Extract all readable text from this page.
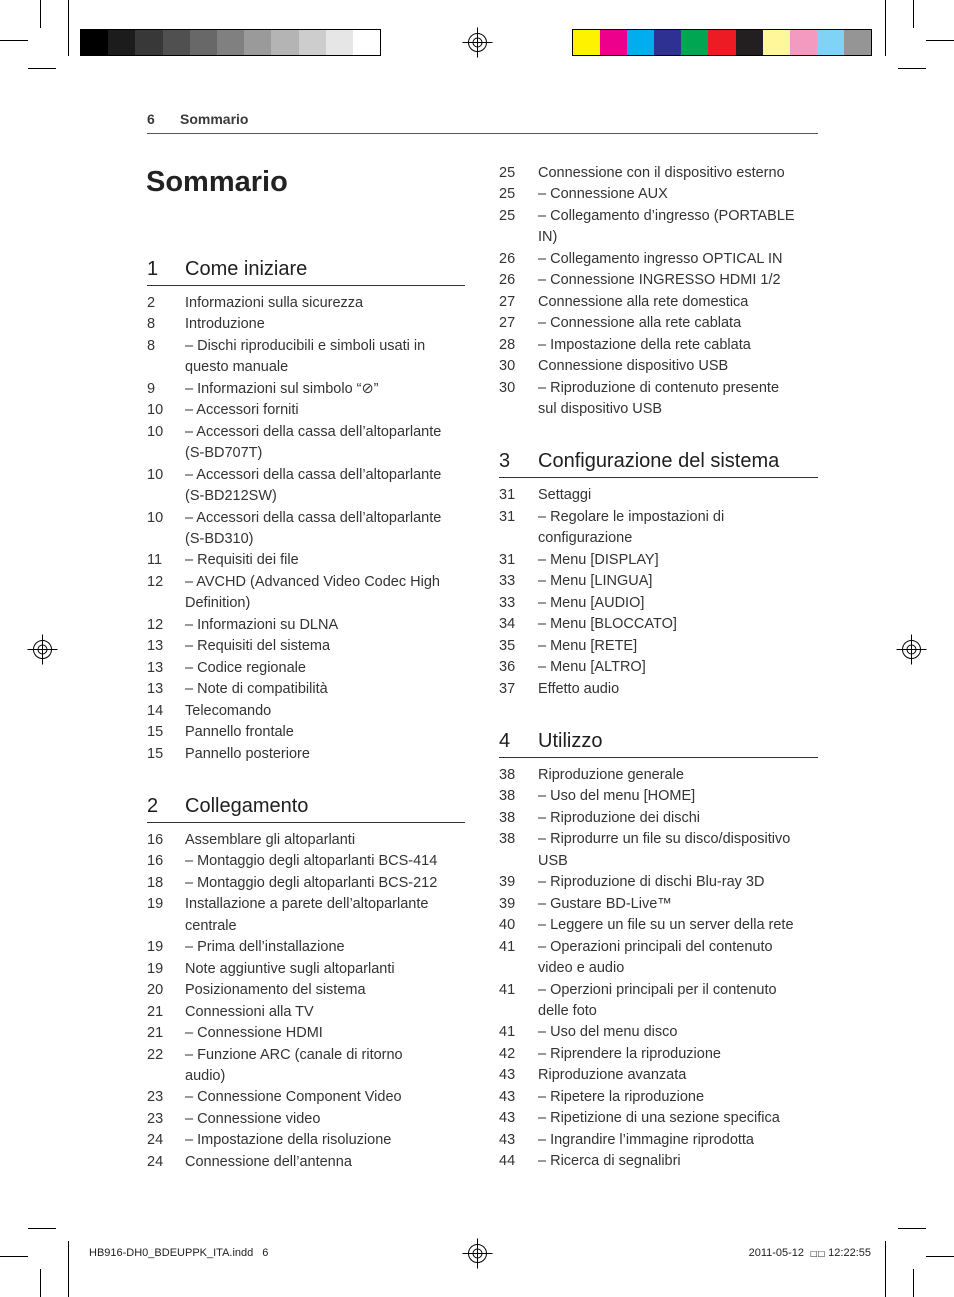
6 Sommario
Sommario
1	Come iniziare
2	Informazioni sulla sicurezza
8	Introduzione
8	– Dischi riproducibili e simboli usati in
questo manuale
9	– Informazioni sul simbolo “⊘”
10	– Accessori forniti
10	– Accessori della cassa dell’altoparlante
(S-BD707T)
10	– Accessori della cassa dell’altoparlante
(S-BD212SW)
10	– Accessori della cassa dell’altoparlante
(S-BD310)
11	– Requisiti dei file
12	– AVCHD (Advanced Video Codec High
Definition)
12	– Informazioni su DLNA
13	– Requisiti del sistema
13	– Codice regionale
13	– Note di compatibilità
14	Telecomando
15	Pannello frontale
15	Pannello posteriore
2	Collegamento
16	Assemblare gli altoparlanti
16	– Montaggio degli altoparlanti BCS-414
18	– Montaggio degli altoparlanti BCS-212
19	Installazione a parete dell’altoparlante
centrale
19	– Prima dell’installazione
19	Note aggiuntive sugli altoparlanti
20	Posizionamento del sistema
21	Connessioni alla TV
21	– Connessione HDMI
22	– Funzione ARC (canale di ritorno
audio)
23	– Connessione Component Video
23	– Connessione video
24	– Impostazione della risoluzione
24	Connessione dell’antenna
25	Connessione con il dispositivo esterno
25	– Connessione AUX
25	– Collegamento d’ingresso (PORTABLE
IN)
26	– Collegamento ingresso OPTICAL IN
26	– Connessione INGRESSO HDMI 1/2
27	Connessione alla rete domestica
27	– Connessione alla rete cablata
28	– Impostazione della rete cablata
30	Connessione dispositivo USB
30	– Riproduzione di contenuto presente
sul dispositivo USB
3	Configurazione del sistema
31	Settaggi
31	– Regolare le impostazioni di
configurazione
31	– Menu [DISPLAY]
33	– Menu [LINGUA]
33	– Menu [AUDIO]
34	– Menu [BLOCCATO]
35	– Menu [RETE]
36	– Menu [ALTRO]
37	Effetto audio
4	Utilizzo
38	Riproduzione generale
38	– Uso del menu [HOME]
38	– Riproduzione dei dischi
38	– Riprodurre un file su disco/dispositivo
USB
39	– Riproduzione di dischi Blu-ray 3D
39	– Gustare BD-Live™
40	– Leggere un file su un server della rete
41	– Operazioni principali del contenuto
video e audio
41	– Operzioni principali per il contenuto
delle foto
41	– Uso del menu disco
42	– Riprendere la riproduzione
43	Riproduzione avanzata
43	– Ripetere la riproduzione
43	– Ripetizione di una sezione specifica
43	– Ingrandire l’immagine riprodotta
44	– Ricerca di segnalibri
HB916-DH0_BDEUPPK_ITA.indd 6	2011-05-12 □□ 12:22:55
